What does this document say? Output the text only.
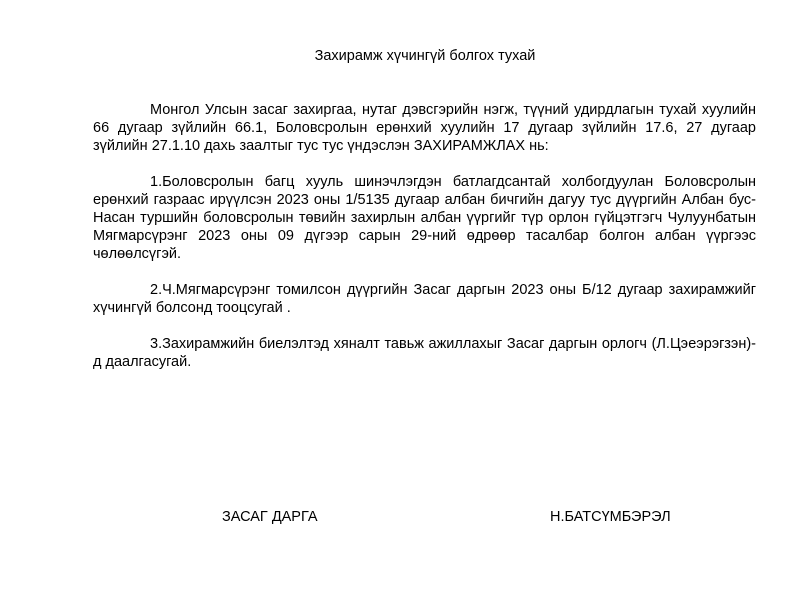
Захирамж хүчингүй болгох тухай

Монгол Улсын засаг захиргаа, нутаг дэвсгэрийн нэгж, түүний удирдлагын тухай хуулийн 66 дугаар зүйлийн 66.1, Боловсролын ерөнхий хуулийн 17 дугаар зүйлийн 17.6, 27 дугаар зүйлийн 27.1.10 дахь заалтыг тус тус үндэслэн ЗАХИРАМЖЛАХ нь:

1.Боловсролын багц хууль шинэчлэгдэн батлагдсантай холбогдуулан Боловсролын ерөнхий газраас ирүүлсэн 2023 оны 1/5135 дугаар албан бичгийн дагуу тус дүүргийн Албан бус-Насан туршийн боловсролын төвийн захирлын албан үүргийг түр орлон гүйцэтгэгч Чулуунбатын Мягмарсүрэнг 2023 оны 09 дүгээр сарын 29-ний өдрөөр тасалбар болгон албан үүргээс чөлөөлсүгэй.

2.Ч.Мягмарсүрэнг томилсон дүүргийн Засаг даргын 2023 оны Б/12 дугаар захирамжийг хүчингүй болсонд тооцсугай .

3.Захирамжийн биелэлтэд хяналт тавьж ажиллахыг Засаг даргын орлогч (Л.Цэеэрэгзэн)-д даалгасугай.

ЗАСАГ ДАРГА	Н.БАТСҮМБЭРЭЛ
